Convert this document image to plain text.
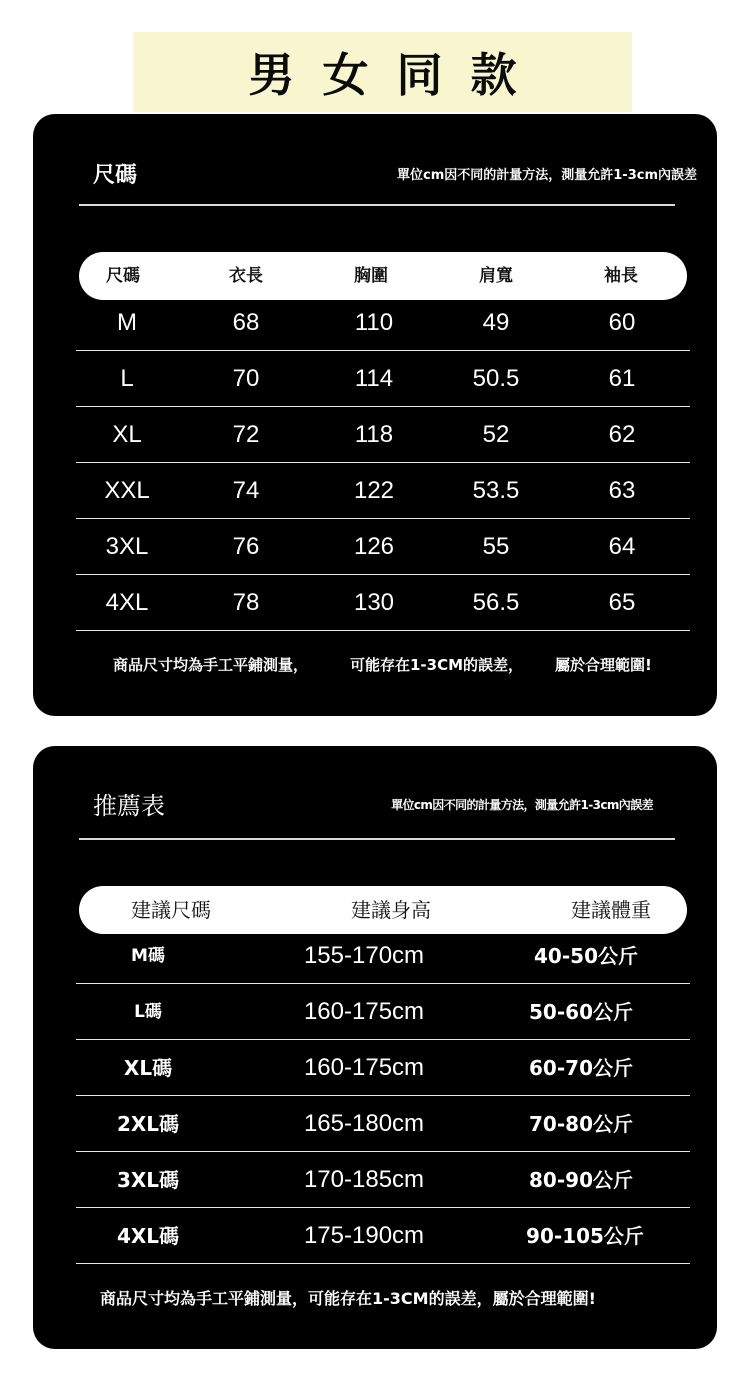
男女同款
尺碼	單位cm因不同的計量方法，測量允許1-3cm內誤差
尺碼	衣長	胸圍	肩寬	袖長
M	68	110	49	60
L	70	114	50.5	61
XL	72	118	52	62
XXL	74	122	53.5	63
3XL	76	126	55	64
4XL	78	130	56.5	65
商品尺寸均為手工平鋪測量，	可能存在1-3CM的誤差， 屬於合理範圍!
推薦表	單位cm因不同的計量方法，測量允許1-3cm內誤差
建議尺碼	建議身高	建議體重
M碼	155-170cm	40-50公斤
L碼	160-175cm	50-60公斤
XL碼	160-175cm	60-70公斤
2XL碼	165-180cm	70-80公斤
3XL碼	170-185cm	80-90公斤
4XL碼	175-190cm	90-105公斤
商品尺寸均為手工平鋪測量，可能存在1-3CM的誤差，屬於合理範圍!
